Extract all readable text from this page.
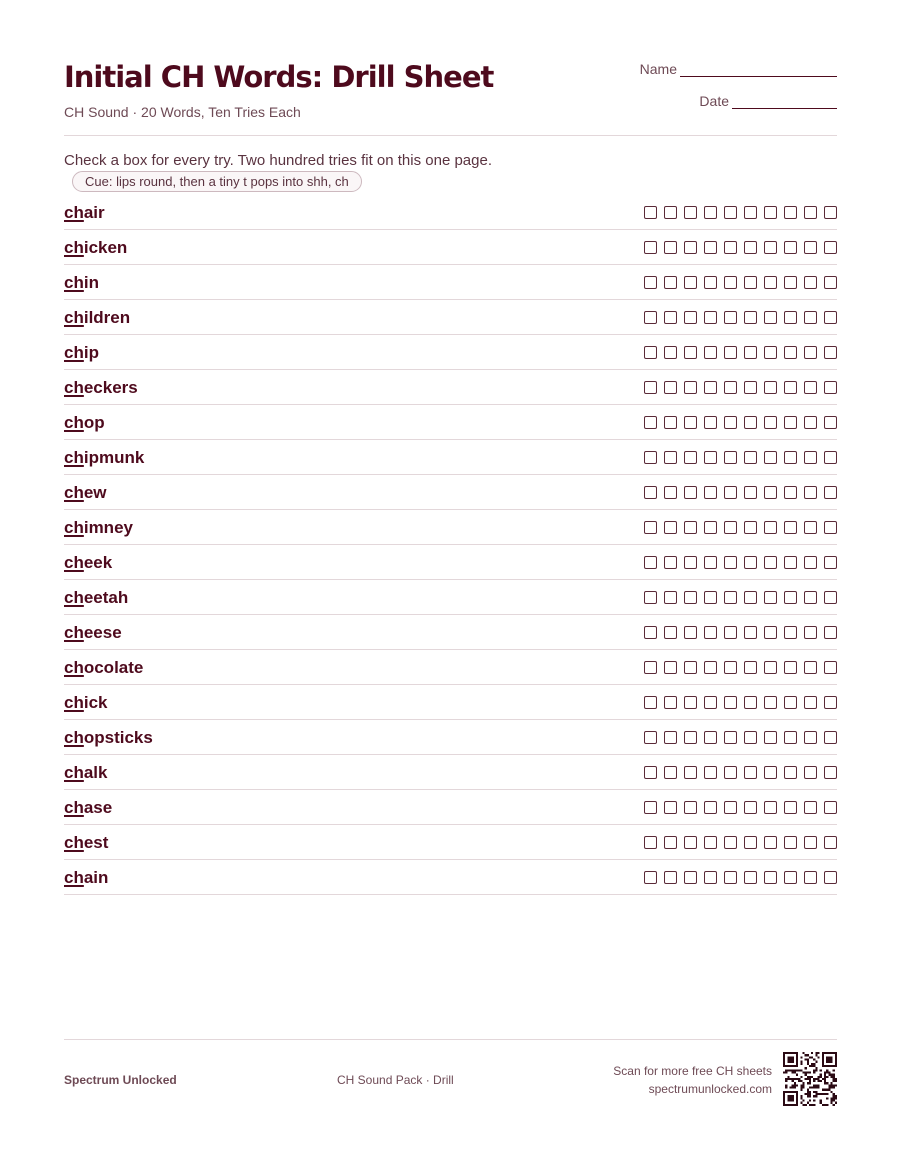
Initial CH Words: Drill Sheet
CH Sound · 20 Words, Ten Tries Each
Name
Date
Check a box for every try. Two hundred tries fit on this one page.Cue: lips round, then a tiny t pops into shh, ch
chair
chicken
chin
children
chip
checkers
chop
chipmunk
chew
chimney
cheek
cheetah
cheese
chocolate
chick
chopsticks
chalk
chase
chest
chain
Spectrum Unlocked	CH Sound Pack · Drill
Scan for more free CH sheets
spectrumunlocked.com
